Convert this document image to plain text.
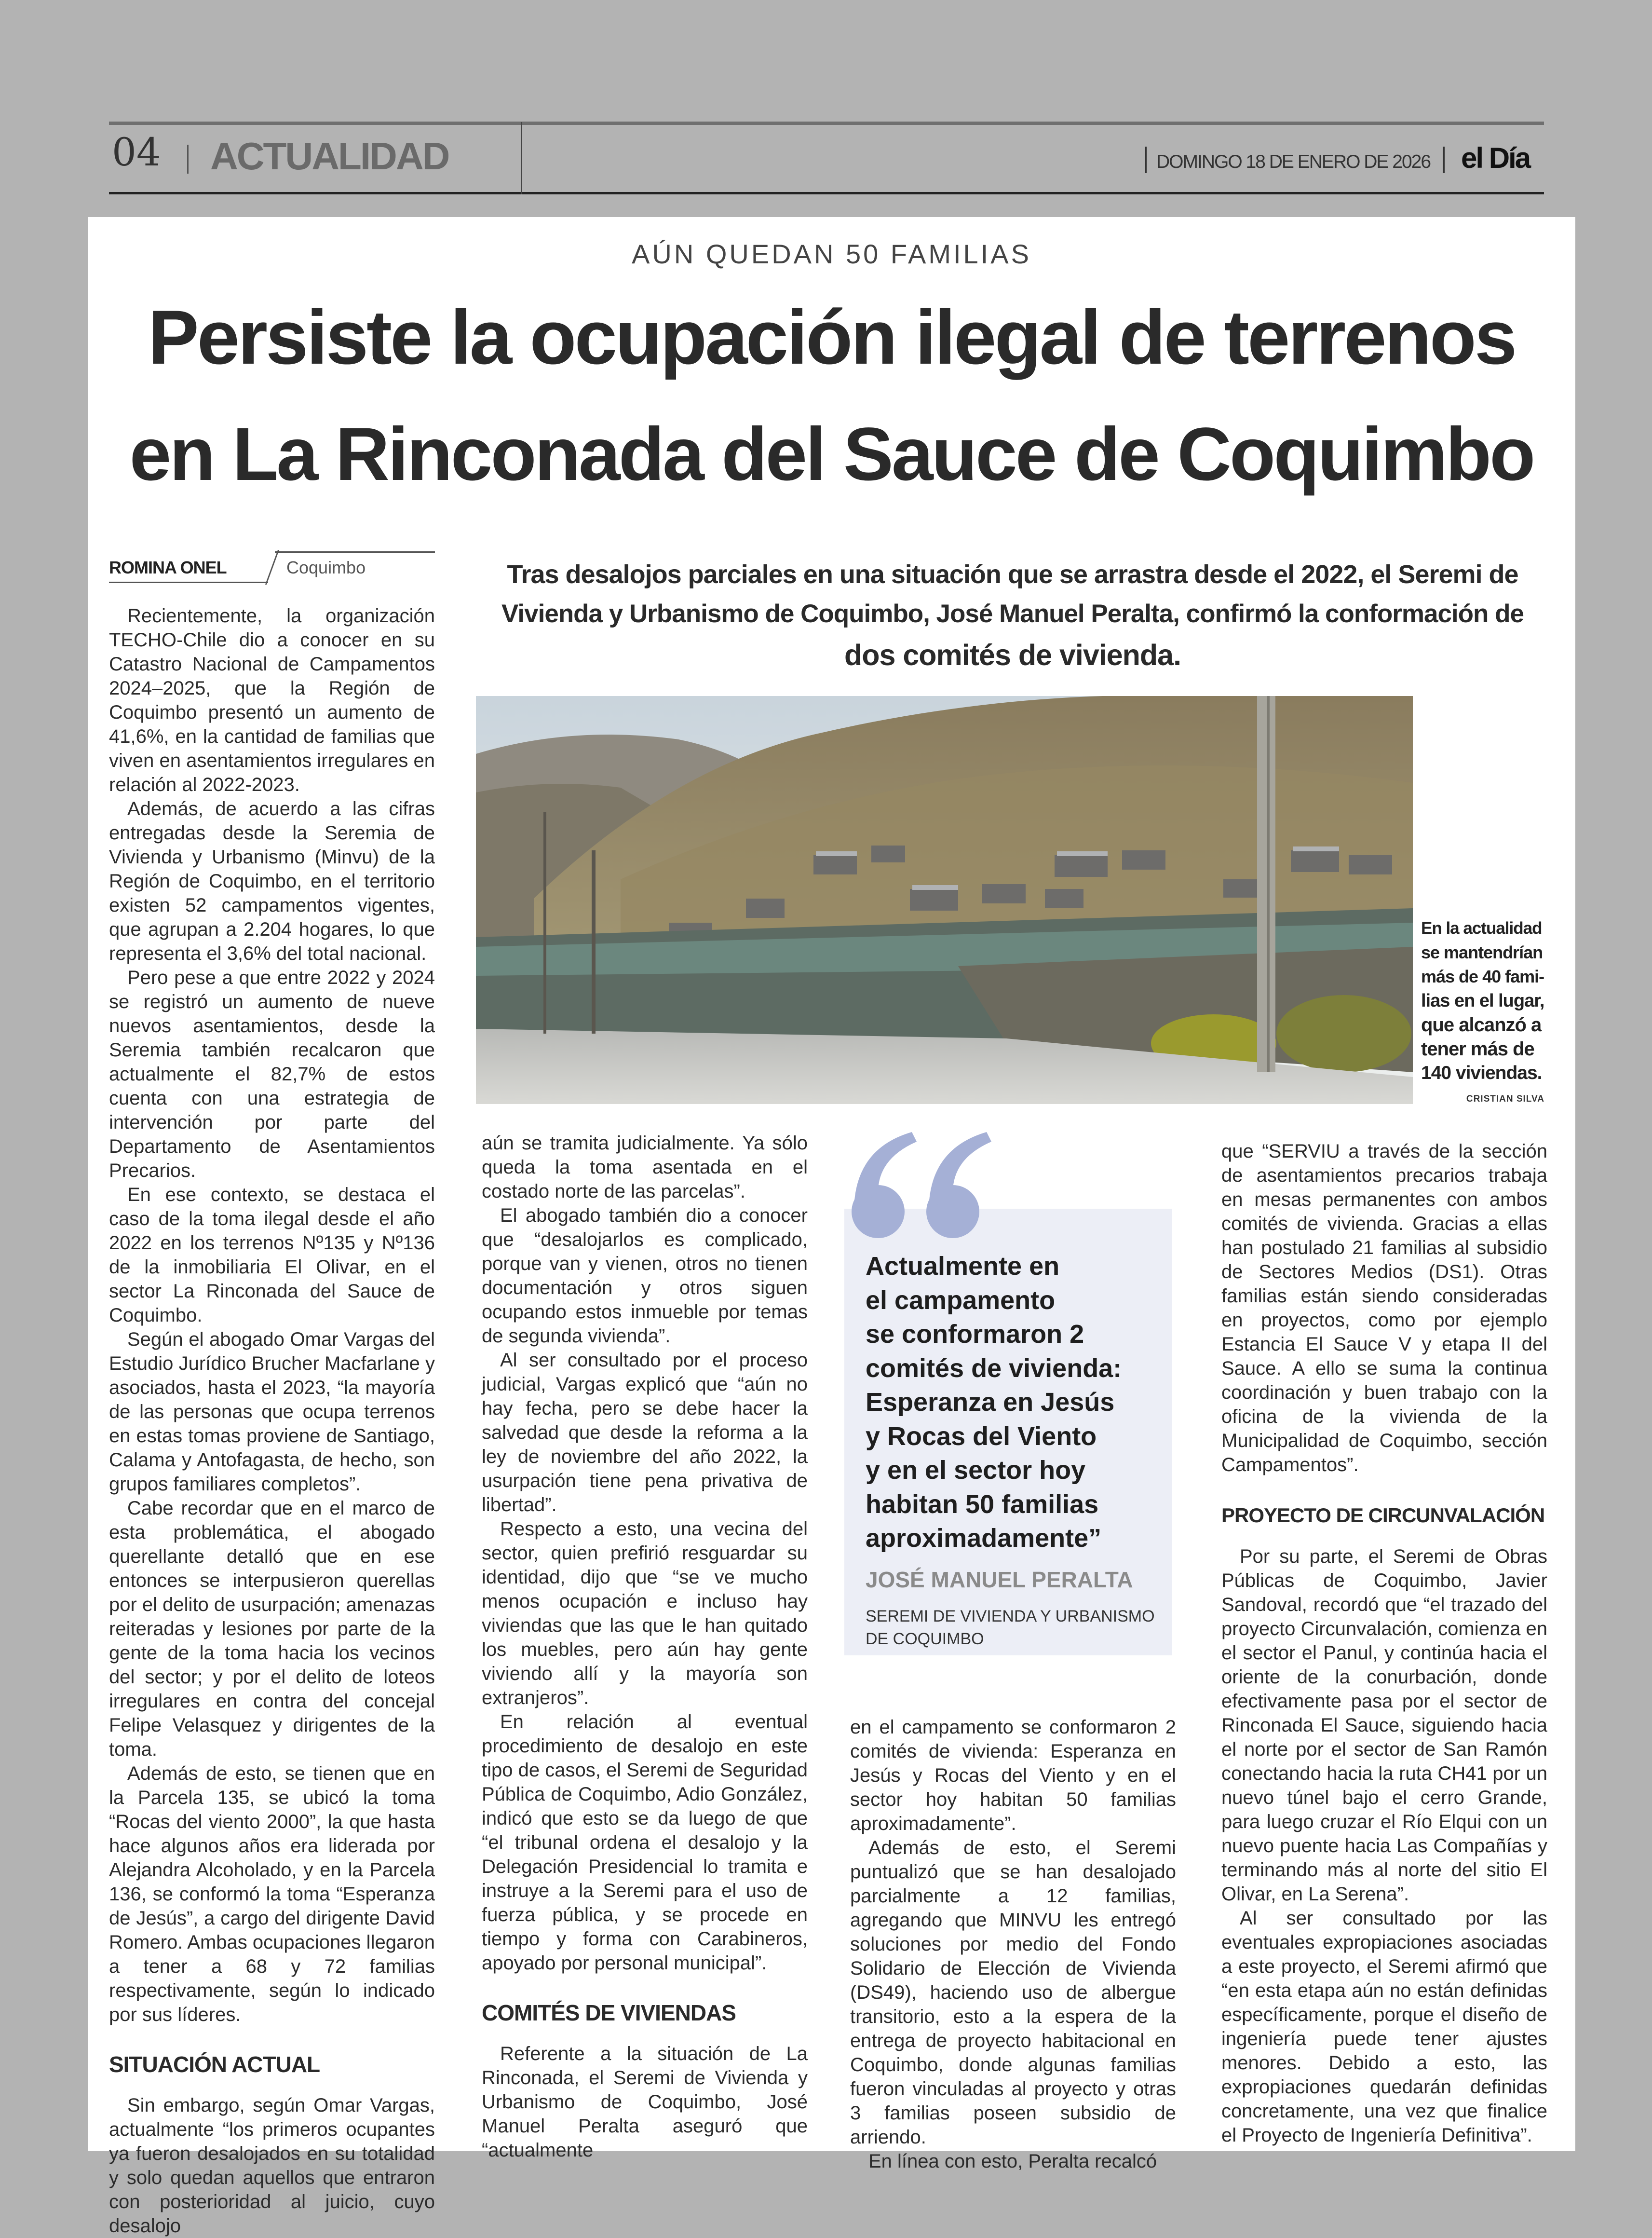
04 ACTUALIDAD	DOMINGO 18 DE ENERO DE 2026 el Día
AÚN QUEDAN 50 FAMILIAS
Persiste la ocupación ilegal de terrenos
en La Rinconada del Sauce de Coquimbo
ROMINA ONEL	Coquimbo	Tras desalojos parciales en una situación que se arrastra desde el 2022, el Seremi de
Vivienda y Urbanismo de Coquimbo, José Manuel Peralta, confirmó la conformación de
dos comités de vivienda.
En la actualidad
se mantendrían
más de 40 fami-
lias en el lugar,
que alcanzó a
tener más de
140 viviendas.
CRISTIAN SILVA
Actualmente en
el campamento
se conformaron 2
comités de vivienda:
Esperanza en Jesús
y Rocas del Viento
y en el sector hoy
habitan 50 familias
aproximadamente”
JOSÉ MANUEL PERALTA
SEREMI DE VIVIENDA Y URBANISMO
DE COQUIMBO

Recientemente, la organización TECHO-Chile dio a conocer en su Catastro Nacional de Campamentos 2024–2025, que la Región de Coquimbo presentó un aumento de 41,6%, en la cantidad de familias que viven en asentamientos irregulares en relación al 2022-2023.

Además, de acuerdo a las cifras entregadas desde la Seremia de Vivienda y Urbanismo (Minvu) de la Región de Coquimbo, en el territorio existen 52 campamentos vigentes, que agrupan a 2.204 hogares, lo que representa el 3,6% del total nacional.

Pero pese a que entre 2022 y 2024 se registró un aumento de nueve nuevos asentamientos, desde la Seremia también recalcaron que actualmente el 82,7% de estos cuenta con una estrategia de intervención por parte del Departamento de Asentamientos Precarios.

En ese contexto, se destaca el caso de la toma ilegal desde el año 2022 en los terrenos Nº135 y Nº136 de la inmobiliaria El Olivar, en el sector La Rinconada del Sauce de Coquimbo.

Según el abogado Omar Vargas del Estudio Jurídico Brucher Macfarlane y asociados, hasta el 2023, “la mayoría de las personas que ocupa terrenos en estas tomas proviene de Santiago, Calama y Antofagasta, de hecho, son grupos familiares completos”.

Cabe recordar que en el marco de esta problemática, el abogado querellante detalló que en ese entonces se interpusieron querellas por el delito de usurpación; amenazas reiteradas y lesiones por parte de la gente de la toma hacia los vecinos del sector; y por el delito de loteos irregulares en contra del concejal Felipe Velasquez y dirigentes de la toma.

Además de esto, se tienen que en la Parcela 135, se ubicó la toma “Rocas del viento 2000”, la que hasta hace algunos años era liderada por Alejandra Alcoholado, y en la Parcela 136, se conformó la toma “Esperanza de Jesús”, a cargo del dirigente David Romero. Ambas ocupaciones llegaron a tener a 68 y 72 familias respectivamente, según lo indicado por sus líderes.

SITUACIÓN ACTUAL

Sin embargo, según Omar Vargas, actualmente “los primeros ocupantes ya fueron desalojados en su totalidad y solo quedan aquellos que entraron con posterioridad al juicio, cuyo desalojo

aún se tramita judicialmente. Ya sólo queda la toma asentada en el costado norte de las parcelas”.

El abogado también dio a conocer que “desalojarlos es complicado, porque van y vienen, otros no tienen documentación y otros siguen ocupando estos inmueble por temas de segunda vivienda”.

Al ser consultado por el proceso judicial, Vargas explicó que “aún no hay fecha, pero se debe hacer la salvedad que desde la reforma a la ley de noviembre del año 2022, la usurpación tiene pena privativa de libertad”.

Respecto a esto, una vecina del sector, quien prefirió resguardar su identidad, dijo que “se ve mucho menos ocupación e incluso hay viviendas que las que le han quitado los muebles, pero aún hay gente viviendo allí y la mayoría son extranjeros”.

En relación al eventual procedimiento de desalojo en este tipo de casos, el Seremi de Seguridad Pública de Coquimbo, Adio González, indicó que esto se da luego de que “el tribunal ordena el desalojo y la Delegación Presidencial lo tramita e instruye a la Seremi para el uso de fuerza pública, y se procede en tiempo y forma con Carabineros, apoyado por personal municipal”.

COMITÉS DE VIVIENDAS

Referente a la situación de La Rinconada, el Seremi de Vivienda y Urbanismo de Coquimbo, José Manuel Peralta aseguró que “actualmente

en el campamento se conformaron 2 comités de vivienda: Esperanza en Jesús y Rocas del Viento y en el sector hoy habitan 50 familias aproximadamente”.

Además de esto, el Seremi puntualizó que se han desalojado parcialmente a 12 familias, agregando que MINVU les entregó soluciones por medio del Fondo Solidario de Elección de Vivienda (DS49), haciendo uso de albergue transitorio, esto a la espera de la entrega de proyecto habitacional en Coquimbo, donde algunas familias fueron vinculadas al proyecto y otras 3 familias poseen subsidio de arriendo.

En línea con esto, Peralta recalcó

que “SERVIU a través de la sección de asentamientos precarios trabaja en mesas permanentes con ambos comités de vivienda. Gracias a ellas han postulado 21 familias al subsidio de Sectores Medios (DS1). Otras familias están siendo consideradas en proyectos, como por ejemplo Estancia El Sauce V y etapa II del Sauce. A ello se suma la continua coordinación y buen trabajo con la oficina de la vivienda de la Municipalidad de Coquimbo, sección Campamentos”.

PROYECTO DE CIRCUNVALACIÓN

Por su parte, el Seremi de Obras Públicas de Coquimbo, Javier Sandoval, recordó que “el trazado del proyecto Circunvalación, comienza en el sector el Panul, y continúa hacia el oriente de la conurbación, donde efectivamente pasa por el sector de Rinconada El Sauce, siguiendo hacia el norte por el sector de San Ramón conectando hacia la ruta CH41 por un nuevo túnel bajo el cerro Grande, para luego cruzar el Río Elqui con un nuevo puente hacia Las Compañías y terminando más al norte del sitio El Olivar, en La Serena”.

Al ser consultado por las eventuales expropiaciones asociadas a este proyecto, el Seremi afirmó que “en esta etapa aún no están definidas específicamente, porque el diseño de ingeniería puede tener ajustes menores. Debido a esto, las expropiaciones quedarán definidas concretamente, una vez que finalice el Proyecto de Ingeniería Definitiva”.
